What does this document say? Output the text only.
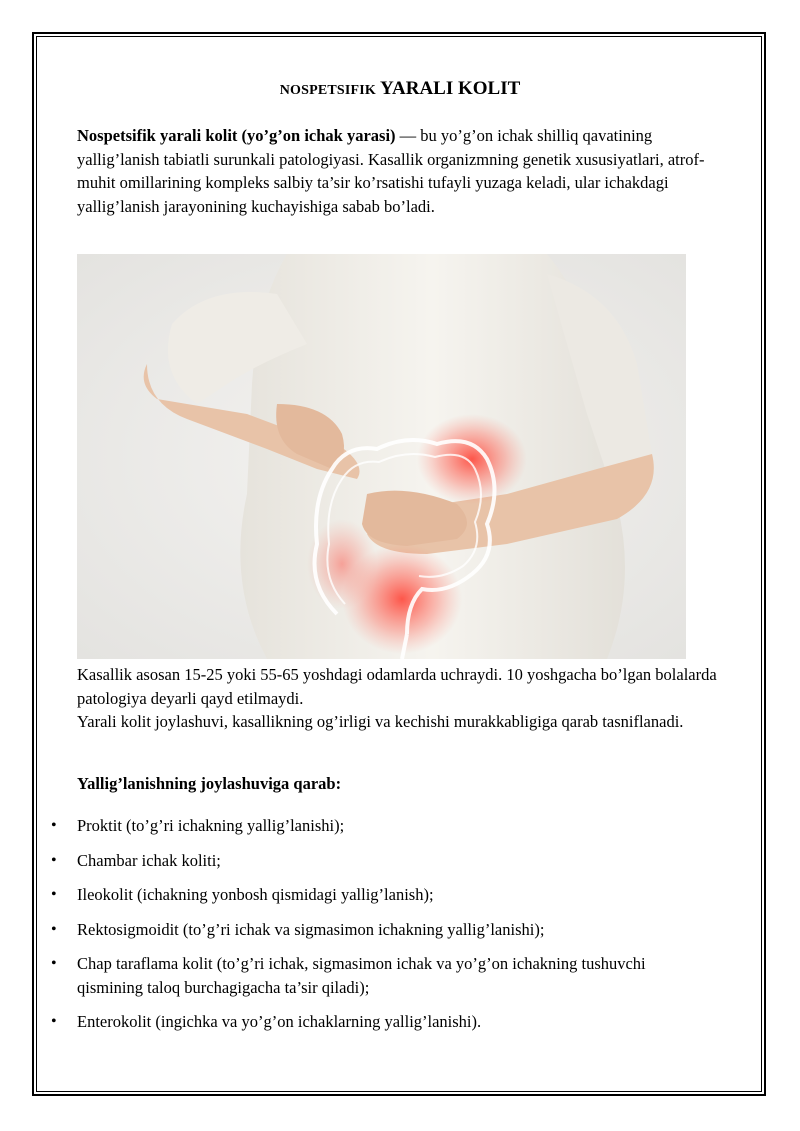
NOSPETSIFIK YARALI KOLIT

Nospetsifik yarali kolit (yo’g’on ichak yarasi) — bu yo’g’on ichak shilliq qavatining yallig’lanish tabiatli surunkali patologiyasi. Kasallik organizmning genetik xususiyatlari, atrof-muhit omillarining kompleks salbiy ta’sir ko’rsatishi tufayli yuzaga keladi, ular ichakdagi yallig’lanish jarayonining kuchayishiga sabab bo’ladi.

Kasallik asosan 15-25 yoki 55-65 yoshdagi odamlarda uchraydi. 10 yoshgacha bo’lgan bolalarda patologiya deyarli qayd etilmaydi.
Yarali kolit joylashuvi, kasallikning og’irligi va kechishi murakkabligiga qarab tasniflanadi.

Yallig’lanishning joylashuviga qarab:

• Proktit (to’g’ri ichakning yallig’lanishi);
• Chambar ichak koliti;
• Ileokolit (ichakning yonbosh qismidagi yallig’lanish);
• Rektosigmoidit (to’g’ri ichak va sigmasimon ichakning yallig’lanishi);
• Chap taraflama kolit (to’g’ri ichak, sigmasimon ichak va yo’g’on ichakning tushuvchi qismining taloq burchagigacha ta’sir qiladi);
• Enterokolit (ingichka va yo’g’on ichaklarning yallig’lanishi).
